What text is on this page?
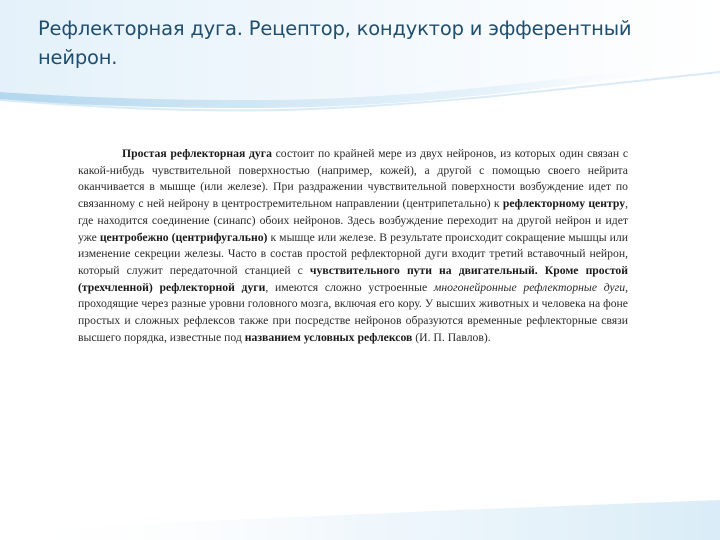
Рефлекторная дуга. Рецептор, кондуктор и эфферентный нейрон.

Простая рефлекторная дуга состоит по крайней мере из двух нейронов, из которых один связан с какой-нибудь чувствительной поверхностью (например, кожей), а другой с помощью своего нейрита оканчивается в мышце (или железе). При раздражении чувствительной поверхности возбуждение идет по связанному с ней нейрону в центростремительном направлении (центрипетально) к рефлекторному центру, где находится соединение (синапс) обоих нейронов. Здесь возбуждение переходит на другой нейрон и идет уже центробежно (центрифугально) к мышце или железе. В результате происходит сокращение мышцы или изменение секреции железы. Часто в состав простой рефлекторной дуги входит третий вставочный нейрон, который служит передаточной станцией с чувствительного пути на двигательный. Кроме простой (трехчленной) рефлекторной дуги, имеются сложно устроенные многонейронные рефлекторные дуги, проходящие через разные уровни головного мозга, включая его кору. У высших животных и человека на фоне простых и сложных рефлексов также при посредстве нейронов образуются временные рефлекторные связи высшего порядка, известные под названием условных рефлексов (И. П. Павлов).
